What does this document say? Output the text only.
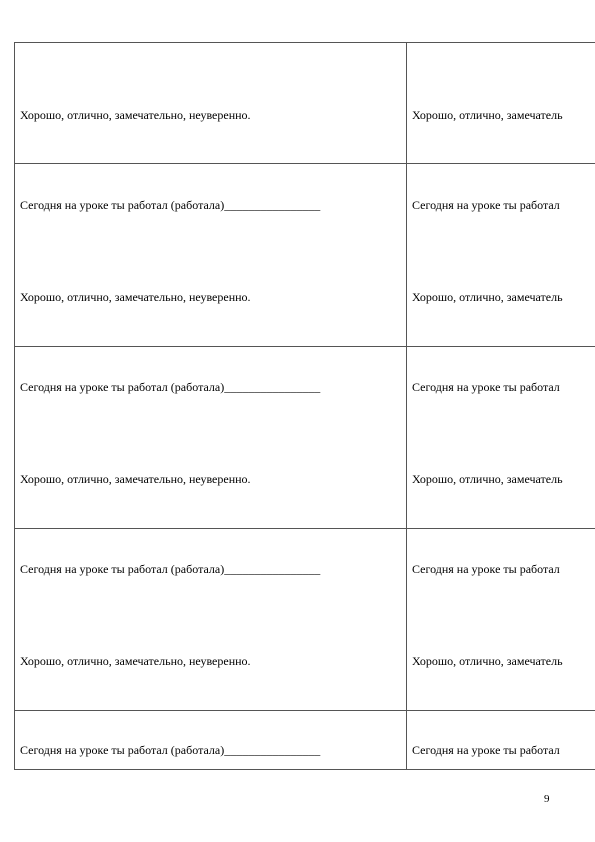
Хорошо, отлично, замечательно, неуверенно.	Хорошо, отлично, замечатель
Сегодня на уроке ты работал (работала)________________	Сегодня на уроке ты работал
Хорошо, отлично, замечательно, неуверенно.	Хорошо, отлично, замечатель
Сегодня на уроке ты работал (работала)________________	Сегодня на уроке ты работал
Хорошо, отлично, замечательно, неуверенно.	Хорошо, отлично, замечатель
Сегодня на уроке ты работал (работала)________________	Сегодня на уроке ты работал
Хорошо, отлично, замечательно, неуверенно.	Хорошо, отлично, замечатель
Сегодня на уроке ты работал (работала)________________	Сегодня на уроке ты работал
9
